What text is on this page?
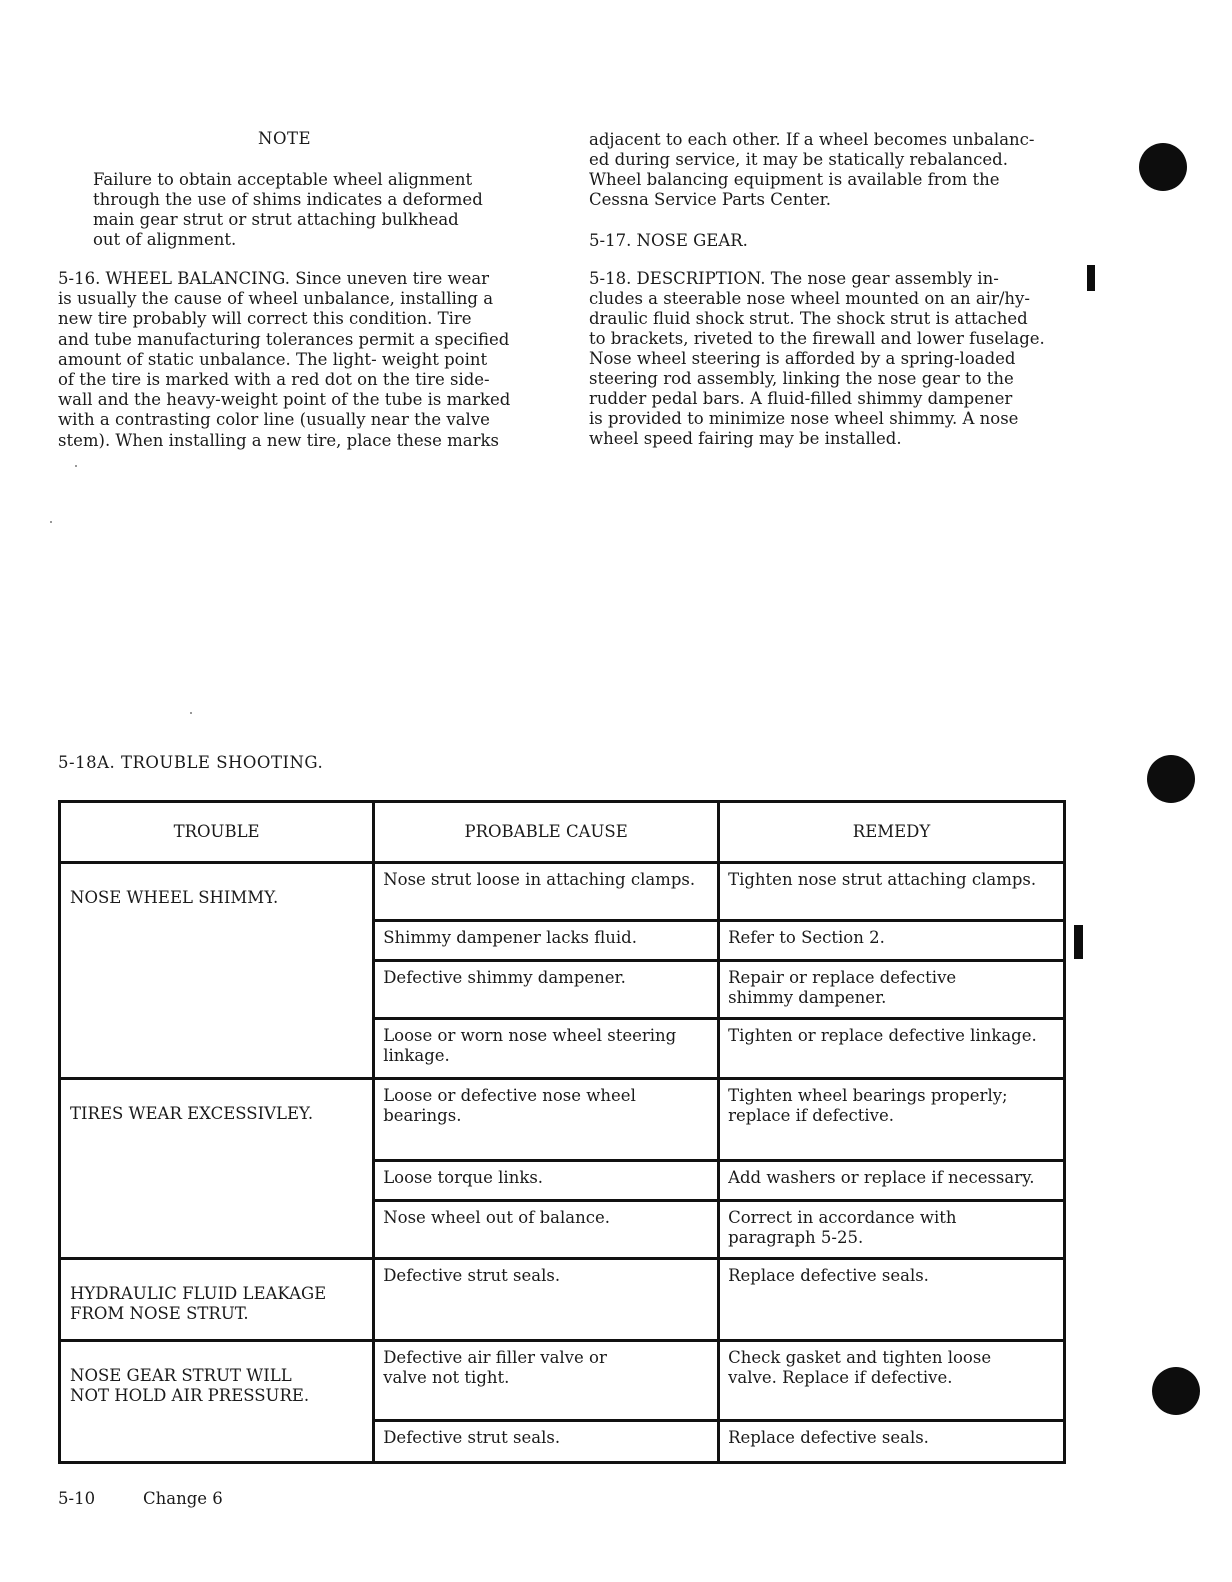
NOTE
Failure to obtain acceptable wheel alignment
through the use of shims indicates a deformed
main gear strut or strut attaching bulkhead
out of alignment.
5-16. WHEEL BALANCING. Since uneven tire wear
is usually the cause of wheel unbalance, installing a
new tire probably will correct this condition. Tire
and tube manufacturing tolerances permit a specified
amount of static unbalance. The light- weight point
of the tire is marked with a red dot on the tire side-
wall and the heavy-weight point of the tube is marked
with a contrasting color line (usually near the valve
stem). When installing a new tire, place these marks
adjacent to each other. If a wheel becomes unbalanc-
ed during service, it may be statically rebalanced.
Wheel balancing equipment is available from the
Cessna Service Parts Center.
5-17. NOSE GEAR.
5-18. DESCRIPTION. The nose gear assembly in-
cludes a steerable nose wheel mounted on an air/hy-
draulic fluid shock strut. The shock strut is attached
to brackets, riveted to the firewall and lower fuselage.
Nose wheel steering is afforded by a spring-loaded
steering rod assembly, linking the nose gear to the
rudder pedal bars. A fluid-filled shimmy dampener
is provided to minimize nose wheel shimmy. A nose
wheel speed fairing may be installed.
5-18A. TROUBLE SHOOTING.
TROUBLE	PROBABLE CAUSE	REMEDY
NOSE WHEEL SHIMMY.	Nose strut loose in attaching clamps.	Tighten nose strut attaching clamps.
	Shimmy dampener lacks fluid.	Refer to Section 2.
	Defective shimmy dampener.	Repair or replace defective
shimmy dampener.
	Loose or worn nose wheel steering
linkage.	Tighten or replace defective linkage.
TIRES WEAR EXCESSIVLEY.	Loose or defective nose wheel
bearings.	Tighten wheel bearings properly;
replace if defective.
	Loose torque links.	Add washers or replace if necessary.
	Nose wheel out of balance.	Correct in accordance with
paragraph 5-25.
HYDRAULIC FLUID LEAKAGE
FROM NOSE STRUT.	Defective strut seals.	Replace defective seals.
NOSE GEAR STRUT WILL
NOT HOLD AIR PRESSURE.	Defective air filler valve or
valve not tight.	Check gasket and tighten loose
valve. Replace if defective.
	Defective strut seals.	Replace defective seals.
5-10	Change 6
